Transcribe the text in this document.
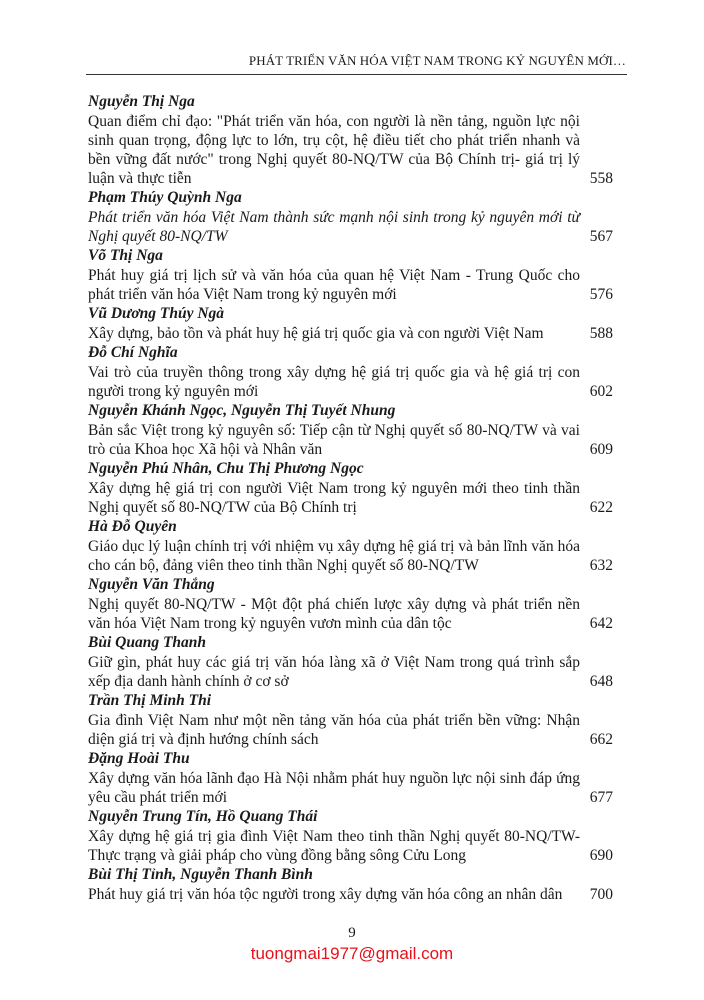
PHÁT TRIỂN VĂN HÓA VIỆT NAM TRONG KỶ NGUYÊN MỚI…
Nguyễn Thị Nga
Quan điểm chỉ đạo: "Phát triển văn hóa, con người là nền tảng, nguồn lực nội sinh quan trọng, động lực to lớn, trụ cột, hệ điều tiết cho phát triển nhanh và bền vững đất nước" trong Nghị quyết 80-NQ/TW của Bộ Chính trị- giá trị lý luận và thực tiễn	558
Phạm Thúy Quỳnh Nga
Phát triển văn hóa Việt Nam thành sức mạnh nội sinh trong kỷ nguyên mới từ Nghị quyết 80-NQ/TW	567
Võ Thị Nga
Phát huy giá trị lịch sử và văn hóa của quan hệ Việt Nam - Trung Quốc cho phát triển văn hóa Việt Nam trong kỷ nguyên mới	576
Vũ Dương Thúy Ngà
Xây dựng, bảo tồn và phát huy hệ giá trị quốc gia và con người Việt Nam	588
Đỗ Chí Nghĩa
Vai trò của truyền thông trong xây dựng hệ giá trị quốc gia và hệ giá trị con người trong kỷ nguyên mới	602
Nguyễn Khánh Ngọc, Nguyễn Thị Tuyết Nhung
Bản sắc Việt trong kỷ nguyên số: Tiếp cận từ Nghị quyết số 80-NQ/TW và vai trò của Khoa học Xã hội và Nhân văn	609
Nguyễn Phú Nhân, Chu Thị Phương Ngọc
Xây dựng hệ giá trị con người Việt Nam trong kỷ nguyên mới theo tinh thần Nghị quyết số 80-NQ/TW của Bộ Chính trị	622
Hà Đỗ Quyên
Giáo dục lý luận chính trị với nhiệm vụ xây dựng hệ giá trị và bản lĩnh văn hóa cho cán bộ, đảng viên theo tinh thần Nghị quyết số 80-NQ/TW	632
Nguyễn Văn Thắng
Nghị quyết 80-NQ/TW - Một đột phá chiến lược xây dựng và phát triển nền văn hóa Việt Nam trong kỷ nguyên vươn mình của dân tộc	642
Bùi Quang Thanh
Giữ gìn, phát huy các giá trị văn hóa làng xã ở Việt Nam trong quá trình sắp xếp địa danh hành chính ở cơ sở	648
Trần Thị Minh Thi
Gia đình Việt Nam như một nền tảng văn hóa của phát triển bền vững: Nhận diện giá trị và định hướng chính sách	662
Đặng Hoài Thu
Xây dựng văn hóa lãnh đạo Hà Nội nhằm phát huy nguồn lực nội sinh đáp ứng yêu cầu phát triển mới	677
Nguyễn Trung Tín, Hồ Quang Thái
Xây dựng hệ giá trị gia đình Việt Nam theo tinh thần Nghị quyết 80-NQ/TW- Thực trạng và giải pháp cho vùng đồng bằng sông Cửu Long	690
Bùi Thị Tỉnh, Nguyễn Thanh Bình
Phát huy giá trị văn hóa tộc người trong xây dựng văn hóa công an nhân dân	700
9
tuongmai1977@gmail.com
